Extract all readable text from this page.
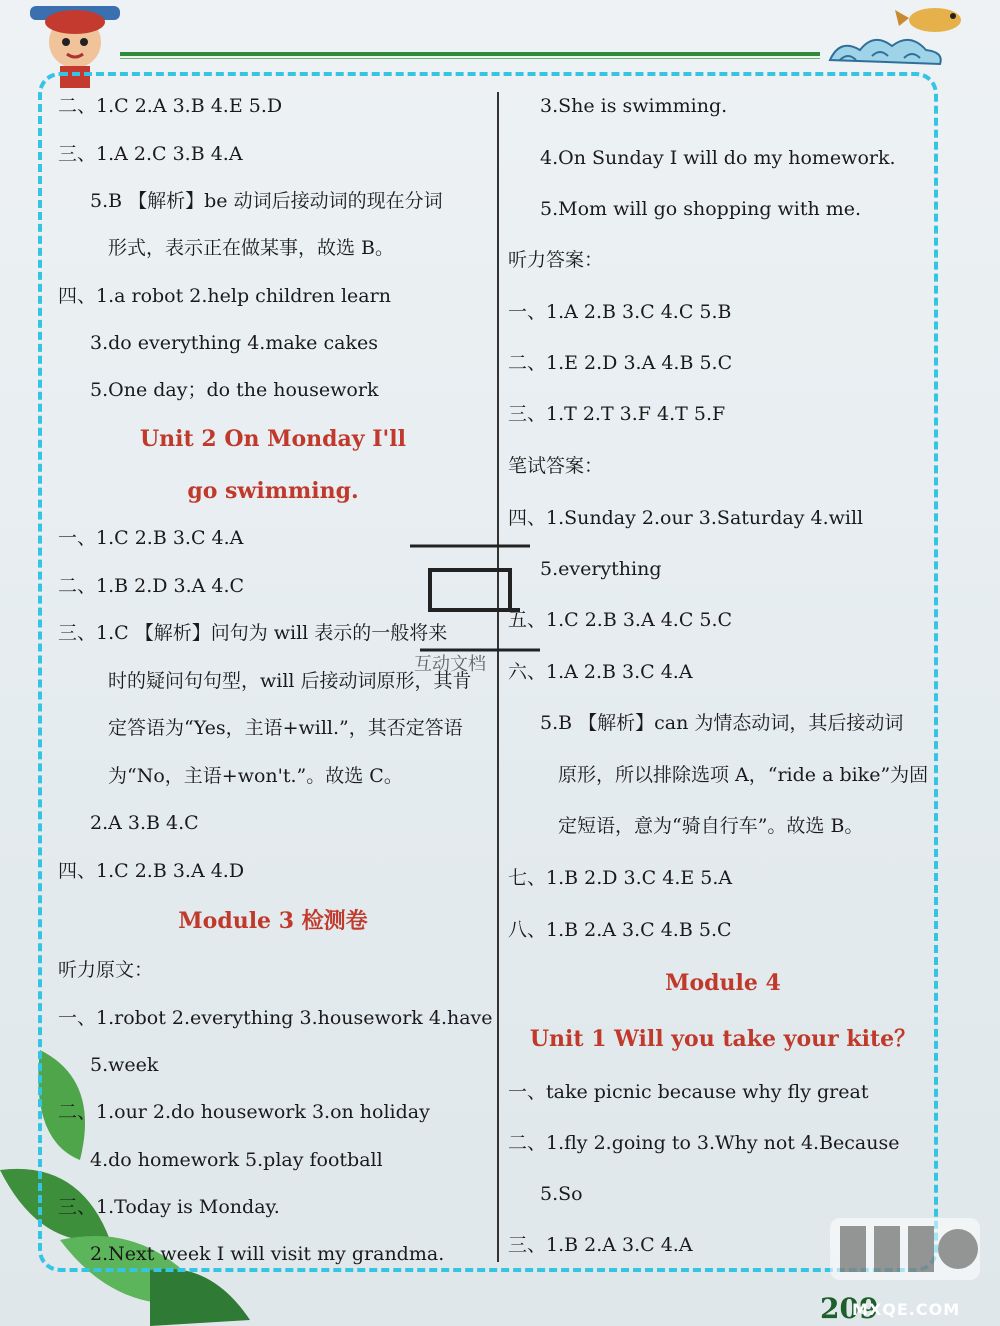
二、1.C 2.A 3.B 4.E 5.D
三、1.A 2.C 3.B 4.A
5.B 【解析】be 动词后接动词的现在分词
形式，表示正在做某事，故选 B。
四、1.a robot 2.help children learn
3.do everything 4.make cakes
5.One day；do the housework
Unit 2 On Monday I'll
go swimming.
一、1.C 2.B 3.C 4.A
二、1.B 2.D 3.A 4.C
三、1.C 【解析】问句为 will 表示的一般将来
时的疑问句句型，will 后接动词原形，其肯
定答语为“Yes，主语+will.”，其否定答语
为“No，主语+won't.”。故选 C。
2.A 3.B 4.C
四、1.C 2.B 3.A 4.D
Module 3 检测卷
听力原文：
一、1.robot 2.everything 3.housework 4.have
5.week
二、1.our 2.do housework 3.on holiday
4.do homework 5.play football
三、1.Today is Monday.
2.Next week I will visit my grandma.
3.She is swimming.
4.On Sunday I will do my homework.
5.Mom will go shopping with me.
听力答案：
一、1.A 2.B 3.C 4.C 5.B
二、1.E 2.D 3.A 4.B 5.C
三、1.T 2.T 3.F 4.T 5.F
笔试答案：
四、1.Sunday 2.our 3.Saturday 4.will
5.everything
五、1.C 2.B 3.A 4.C 5.C
六、1.A 2.B 3.C 4.A
5.B 【解析】can 为情态动词，其后接动词
原形，所以排除选项 A，“ride a bike”为固
定短语，意为“骑自行车”。故选 B。
七、1.B 2.D 3.C 4.E 5.A
八、1.B 2.A 3.C 4.B 5.C
Module 4
Unit 1 Will you take your kite？
一、take picnic because why fly great
二、1.fly 2.going to 3.Why not 4.Because
5.So
三、1.B 2.A 3.C 4.A
互动文档
209
MXQE.COM
